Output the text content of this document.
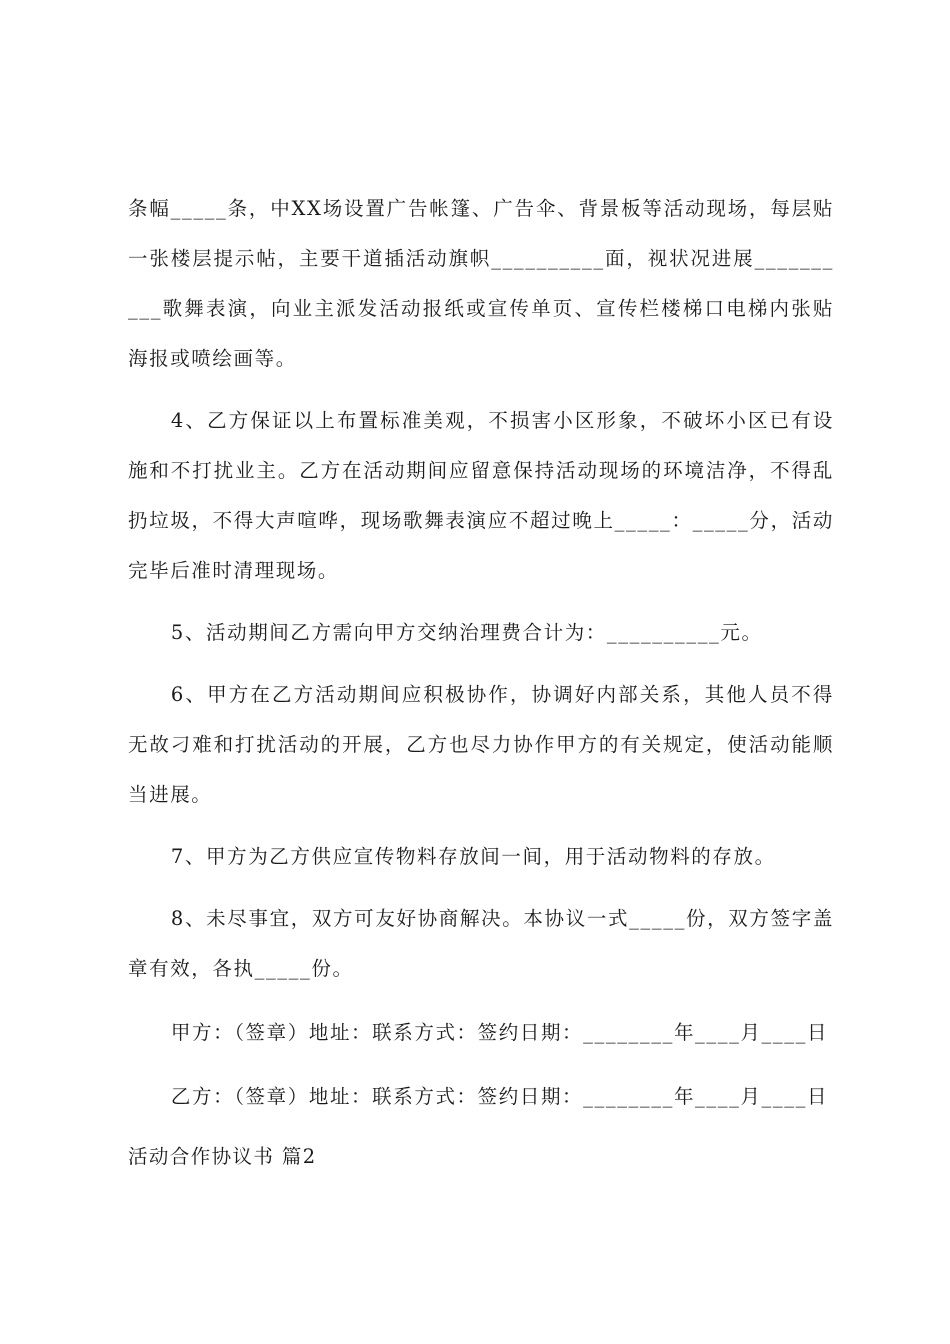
条幅_____条，中XX场设置广告帐篷、广告伞、背景板等活动现场，每层贴一张楼层提示帖，主要干道插活动旗帜__________面，视状况进展__________歌舞表演，向业主派发活动报纸或宣传单页、宣传栏楼梯口电梯内张贴海报或喷绘画等。

4、乙方保证以上布置标准美观，不损害小区形象，不破坏小区已有设施和不打扰业主。乙方在活动期间应留意保持活动现场的环境洁净，不得乱扔垃圾，不得大声喧哗，现场歌舞表演应不超过晚上_____：_____分，活动完毕后准时清理现场。

5、活动期间乙方需向甲方交纳治理费合计为：__________元。

6、甲方在乙方活动期间应积极协作，协调好内部关系，其他人员不得无故刁难和打扰活动的开展，乙方也尽力协作甲方的有关规定，使活动能顺当进展。

7、甲方为乙方供应宣传物料存放间一间，用于活动物料的存放。

8、未尽事宜，双方可友好协商解决。本协议一式_____份，双方签字盖章有效，各执_____份。

甲方：（签章）地址：联系方式：签约日期：________年____月____日

乙方：（签章）地址：联系方式：签约日期：________年____月____日

活动合作协议书 篇2
